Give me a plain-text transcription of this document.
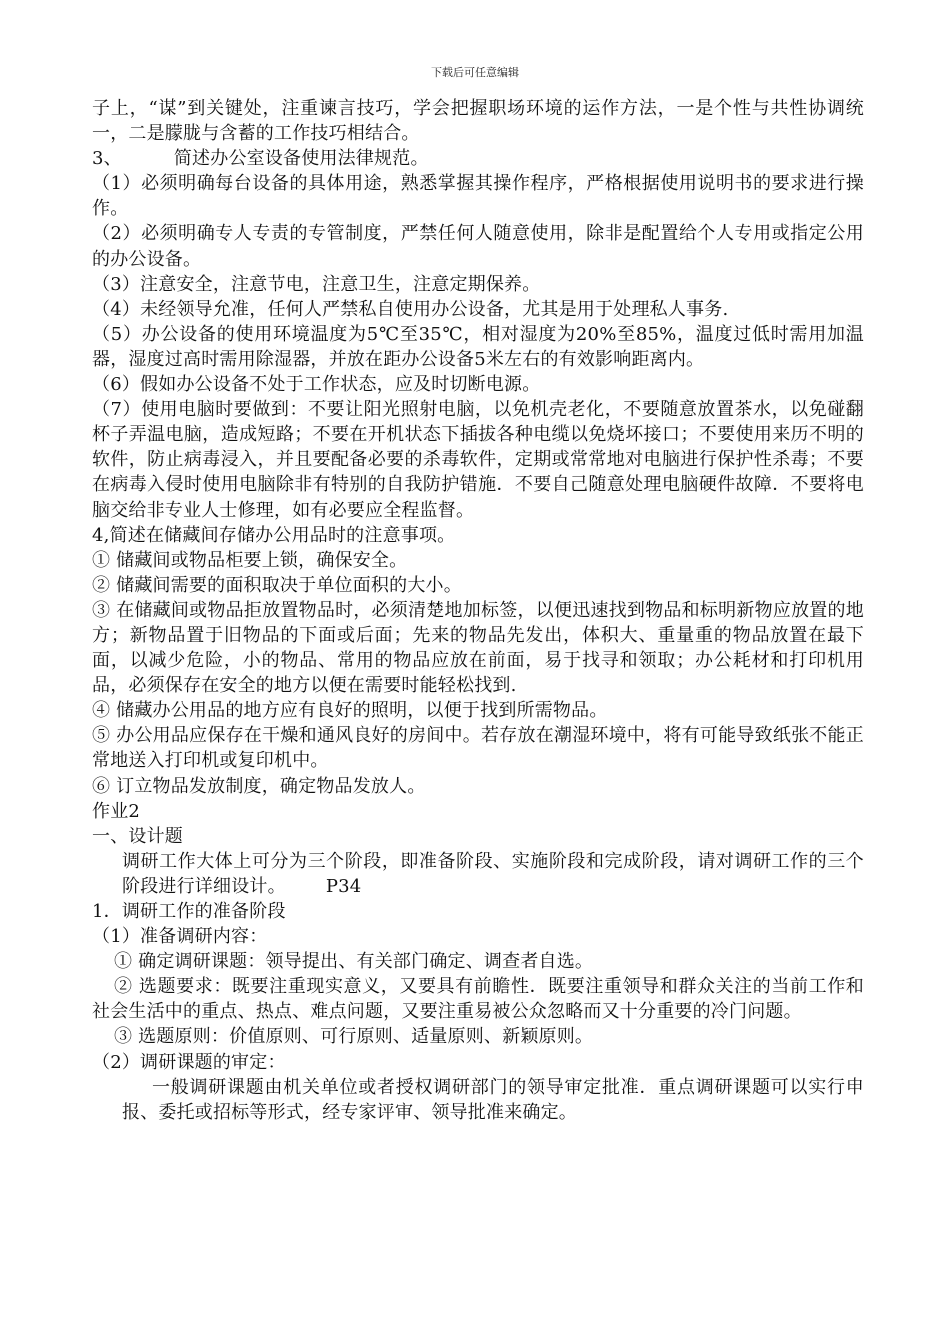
下载后可任意编辑

子上，“谋”到关键处，注重谏言技巧，学会把握职场环境的运作方法，一是个性与共性协调统一，二是朦胧与含蓄的工作技巧相结合。

3、	简述办公室设备使用法律规范。

（1）必须明确每台设备的具体用途，熟悉掌握其操作程序，严格根据使用说明书的要求进行操作。

（2）必须明确专人专责的专管制度，严禁任何人随意使用，除非是配置给个人专用或指定公用的办公设备。

（3）注意安全，注意节电，注意卫生，注意定期保养。

（4）未经领导允准，任何人严禁私自使用办公设备，尤其是用于处理私人事务.

（5）办公设备的使用环境温度为5℃至35℃，相对湿度为20%至85%，温度过低时需用加温器，湿度过高时需用除湿器，并放在距办公设备5米左右的有效影响距离内。

（6）假如办公设备不处于工作状态，应及时切断电源。

（7）使用电脑时要做到：不要让阳光照射电脑，以免机壳老化，不要随意放置茶水，以免碰翻杯子弄温电脑，造成短路；不要在开机状态下插拔各种电缆以免烧坏接口；不要使用来历不明的软件，防止病毒浸入，并且要配备必要的杀毒软件，定期或常常地对电脑进行保护性杀毒；不要在病毒入侵时使用电脑除非有特别的自我防护错施．不要自己随意处理电脑硬件故障．不要将电脑交给非专业人士修理，如有必要应全程监督。

4,简述在储藏间存储办公用品时的注意事项。

① 储藏间或物品柜要上锁，确保安全。

② 储藏间需要的面积取决于单位面积的大小。

③ 在储藏间或物品拒放置物品时，必须清楚地加标签，以便迅速找到物品和标明新物应放置的地方；新物品置于旧物品的下面或后面；先来的物品先发出，体积大、重量重的物品放置在最下面，以减少危险，小的物品、常用的物品应放在前面，易于找寻和领取；办公耗材和打印机用品，必须保存在安全的地方以便在需要时能轻松找到.

④ 储藏办公用品的地方应有良好的照明，以便于找到所需物品。

⑤ 办公用品应保存在干燥和通风良好的房间中。若存放在潮湿环境中，将有可能导致纸张不能正常地送入打印机或复印机中。

⑥ 订立物品发放制度，确定物品发放人。

作业2

一、设计题

调研工作大体上可分为三个阶段，即准备阶段、实施阶段和完成阶段，请对调研工作的三个阶段进行详细设计。 P34

1．调研工作的准备阶段

（1）准备调研内容：

① 确定调研课题：领导提出、有关部门确定、调查者自选。

② 选题要求：既要注重现实意义，又要具有前瞻性．既要注重领导和群众关注的当前工作和社会生活中的重点、热点、难点问题，又要注重易被公众忽略而又十分重要的冷门问题。

③ 选题原则：价值原则、可行原则、适量原则、新颖原则。

（2）调研课题的审定：

一般调研课题由机关单位或者授权调研部门的领导审定批准．重点调研课题可以实行申报、委托或招标等形式，经专家评审、领导批准来确定。
